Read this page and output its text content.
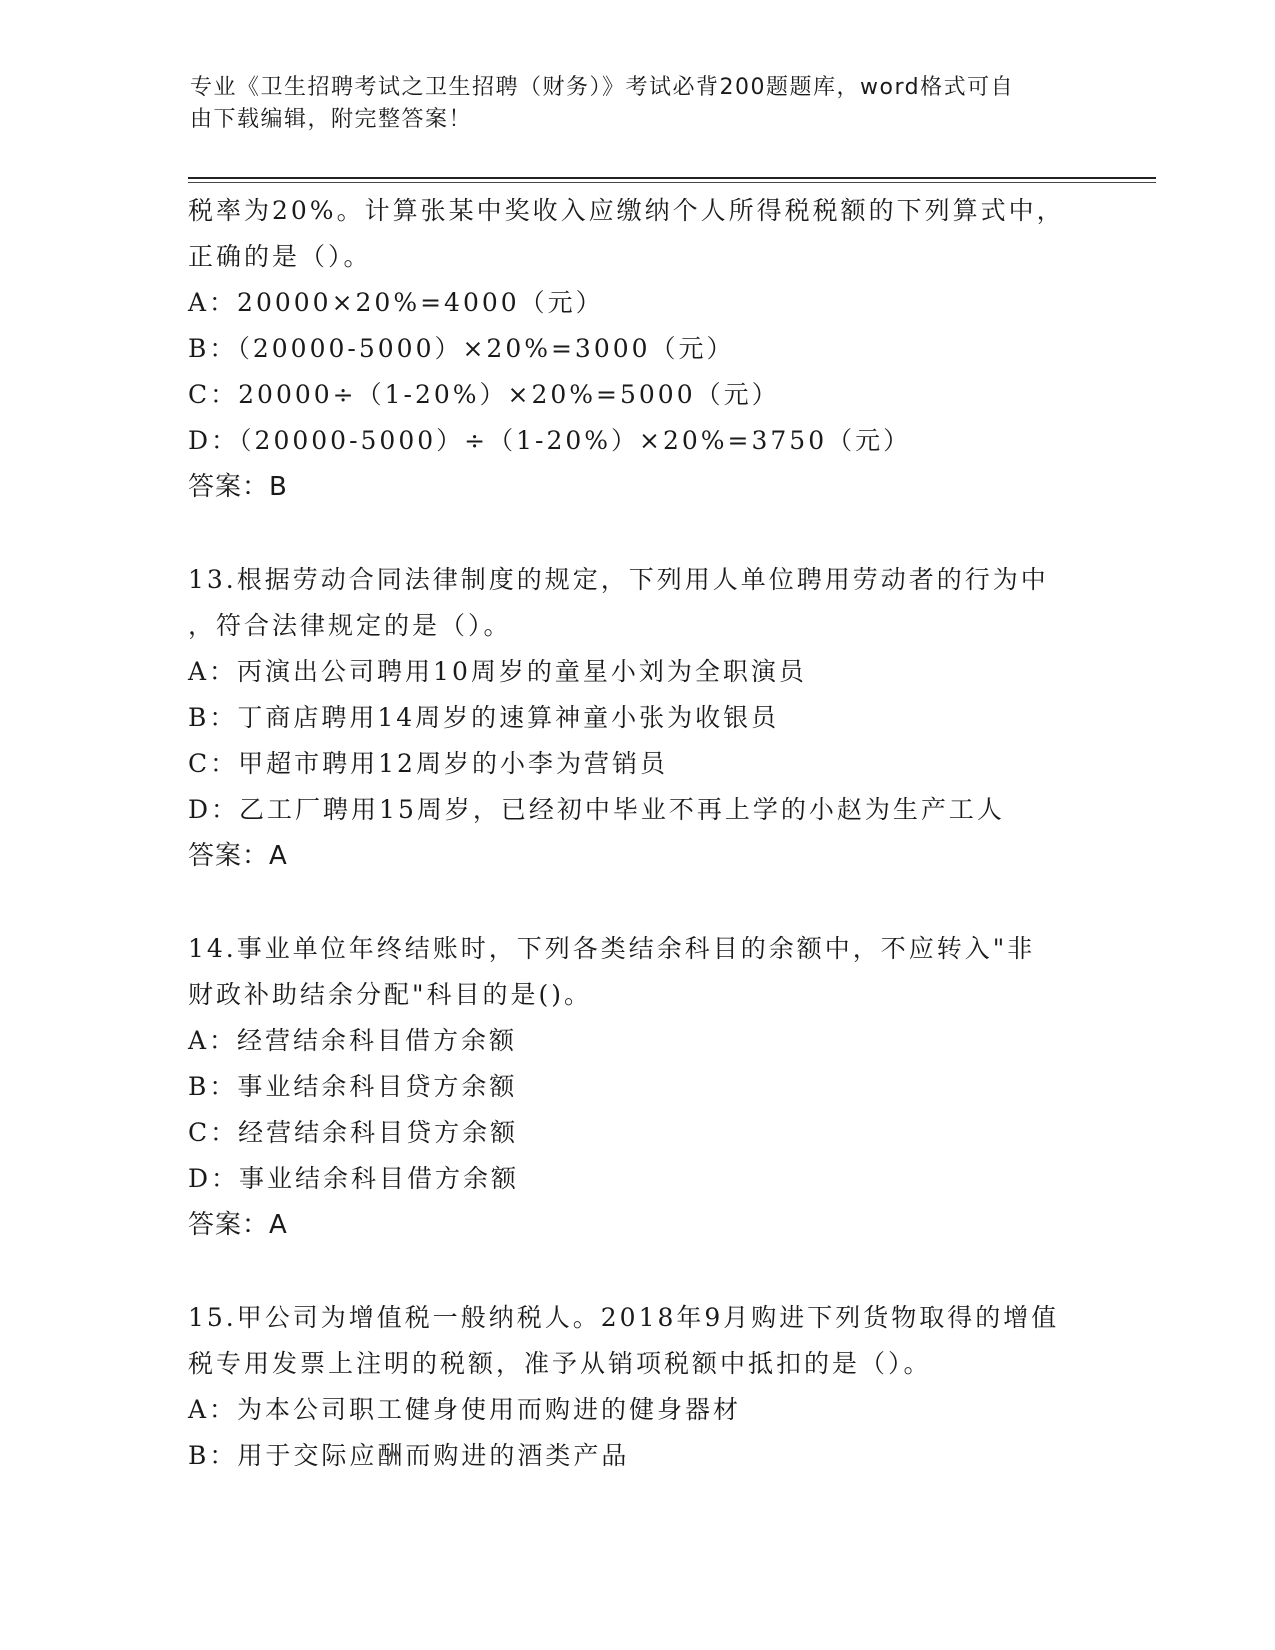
专业《卫生招聘考试之卫生招聘（财务）》考试必背200题题库，word格式可自
由下载编辑，附完整答案！
税率为20%。计算张某中奖收入应缴纳个人所得税税额的下列算式中，
正确的是（）。
A：20000×20%=4000（元）
B：（20000-5000）×20%=3000（元）
C：20000÷（1-20%）×20%=5000（元）
D：（20000-5000）÷（1-20%）×20%=3750（元）
答案：B
13.根据劳动合同法律制度的规定，下列用人单位聘用劳动者的行为中
，符合法律规定的是（）。
A：丙演出公司聘用10周岁的童星小刘为全职演员
B：丁商店聘用14周岁的速算神童小张为收银员
C：甲超市聘用12周岁的小李为营销员
D：乙工厂聘用15周岁，已经初中毕业不再上学的小赵为生产工人
答案：A
14.事业单位年终结账时，下列各类结余科目的余额中，不应转入"非
财政补助结余分配"科目的是()。
A：经营结余科目借方余额
B：事业结余科目贷方余额
C：经营结余科目贷方余额
D：事业结余科目借方余额
答案：A
15.甲公司为增值税一般纳税人。2018年9月购进下列货物取得的增值
税专用发票上注明的税额，准予从销项税额中抵扣的是（）。
A：为本公司职工健身使用而购进的健身器材
B：用于交际应酬而购进的酒类产品
